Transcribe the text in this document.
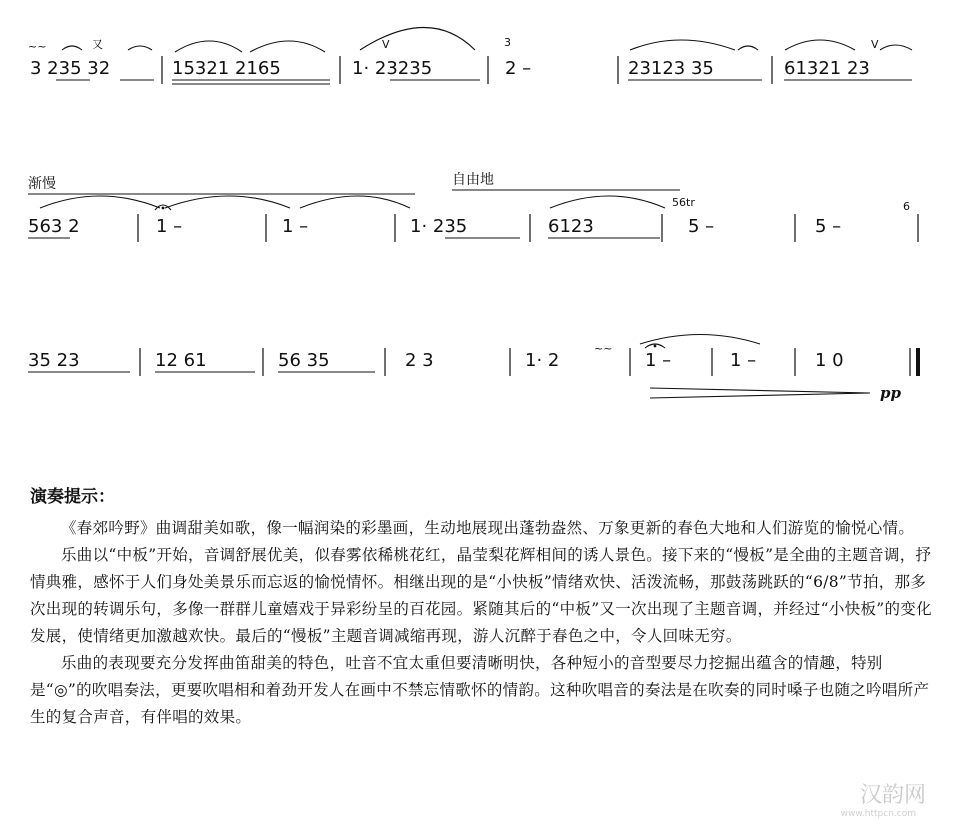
~~	又	V	V
3
3 235 32	15321 2165	1· 23235	2 –	23123 35	61321 23
渐慢	自由地
56 tr	6
563 2	1 –	1 –	1· 235	6123	5 –	5 –
~~
35 23	12 61	56 35	2 3	1· 2	1 –	1 –	1 0
pp
演奏提示：

《春郊吟野》曲调甜美如歌，像一幅润染的彩墨画，生动地展现出蓬勃盎然、万象更新的春色大地和人们游览的愉悦心情。

乐曲以“中板”开始，音调舒展优美，似春雾依稀桃花红，晶莹梨花辉相间的诱人景色。接下来的“慢板”是全曲的主题音调，抒情典雅，感怀于人们身处美景乐而忘返的愉悦情怀。相继出现的是“小快板”情绪欢快、活泼流畅，那鼓荡跳跃的“6/8”节拍，那多次出现的转调乐句，多像一群群儿童嬉戏于异彩纷呈的百花园。紧随其后的“中板”又一次出现了主题音调，并经过“小快板”的变化发展，使情绪更加激越欢快。最后的“慢板”主题音调减缩再现，游人沉醉于春色之中，令人回味无穷。

乐曲的表现要充分发挥曲笛甜美的特色，吐音不宜太重但要清晰明快，各种短小的音型要尽力挖掘出蕴含的情趣，特别是“◎”的吹唱奏法，更要吹唱相和着劲开发人在画中不禁忘情歌怀的情韵。这种吹唱音的奏法是在吹奏的同时嗓子也随之吟唱所产生的复合声音，有伴唱的效果。

汉韵网
www.httpcn.com
